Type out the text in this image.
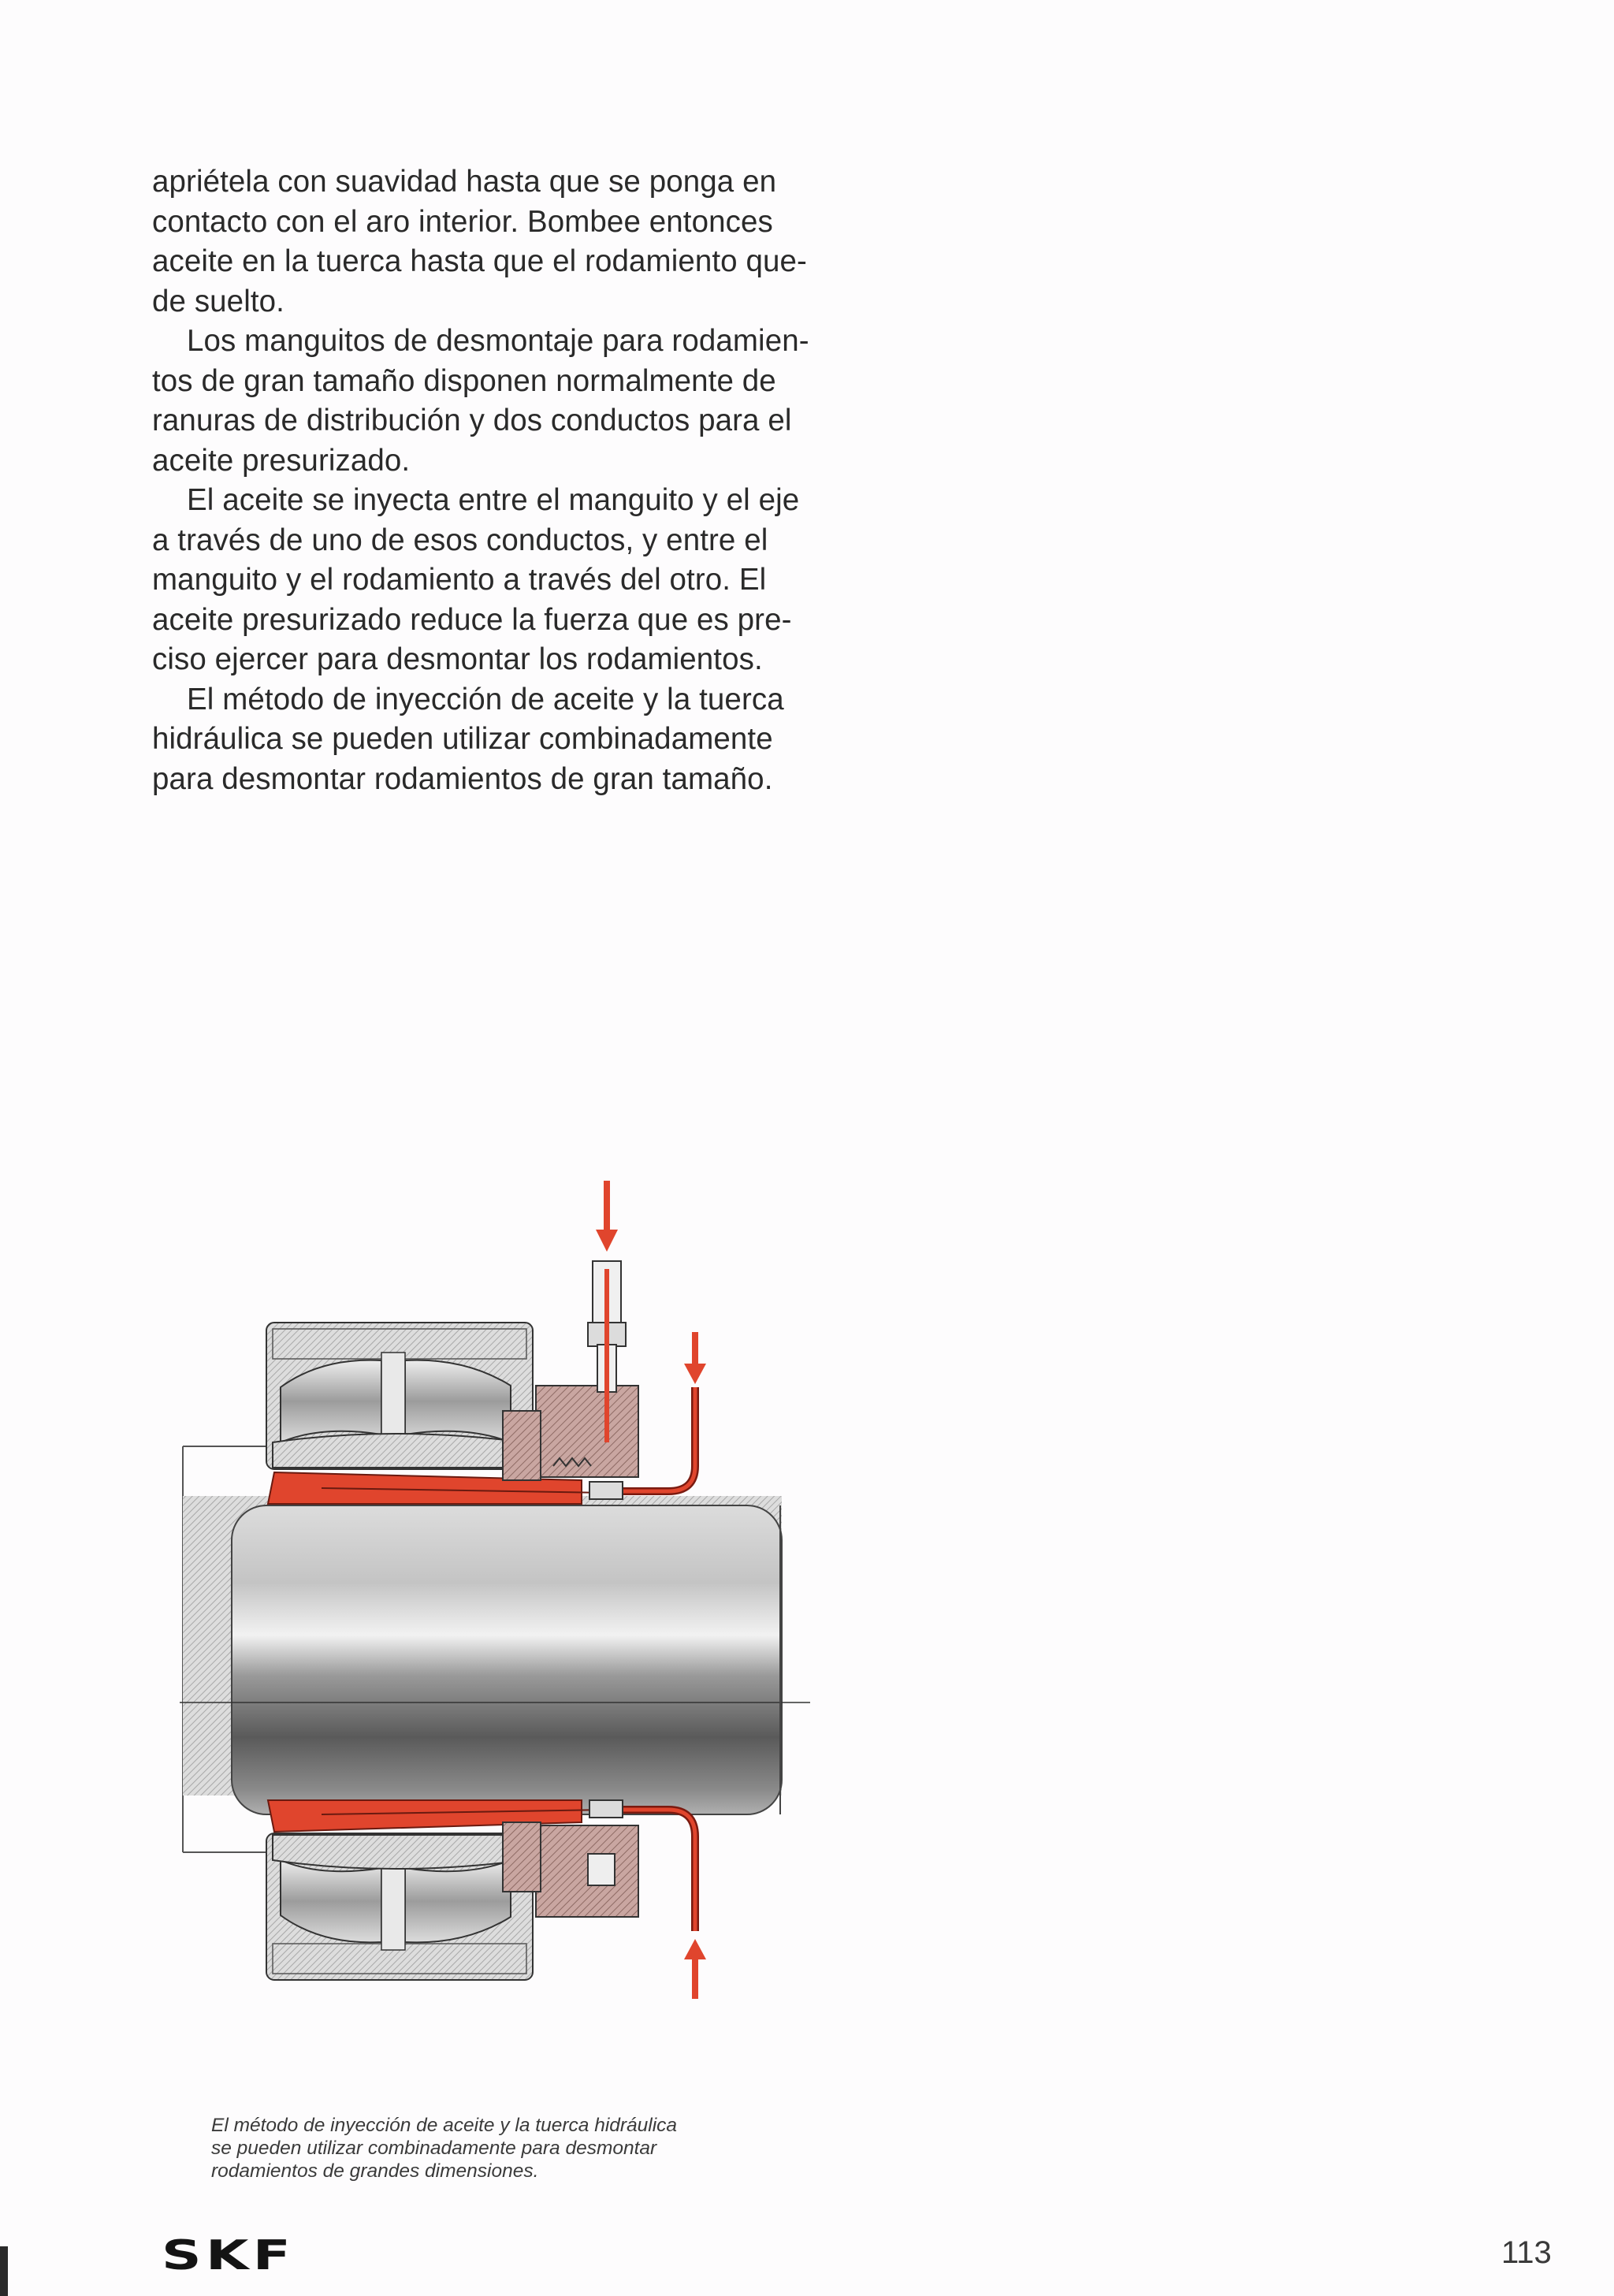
apriételа con suavidad hasta que se ponga en
contacto con el aro interior. Bombee entonces
aceite en la tuerca hasta que el rodamiento que-
de suelto.

Los manguitos de desmontaje para rodamien-
tos de gran tamaño disponen normalmente de
ranuras de distribución y dos conductos para el
aceite presurizado.

El aceite se inyecta entre el manguito y el eje
a través de uno de esos conductos, y entre el
manguito y el rodamiento a través del otro. El
aceite presurizado reduce la fuerza que es pre-
ciso ejercer para desmontar los rodamientos.

El método de inyección de aceite y la tuerca
hidráulica se pueden utilizar combinadamente
para desmontar rodamientos de gran tamaño.

El método de inyección de aceite y la tuerca hidráulica
se pueden utilizar combinadamente para desmontar
rodamientos de grandes dimensiones.
SKF	113
